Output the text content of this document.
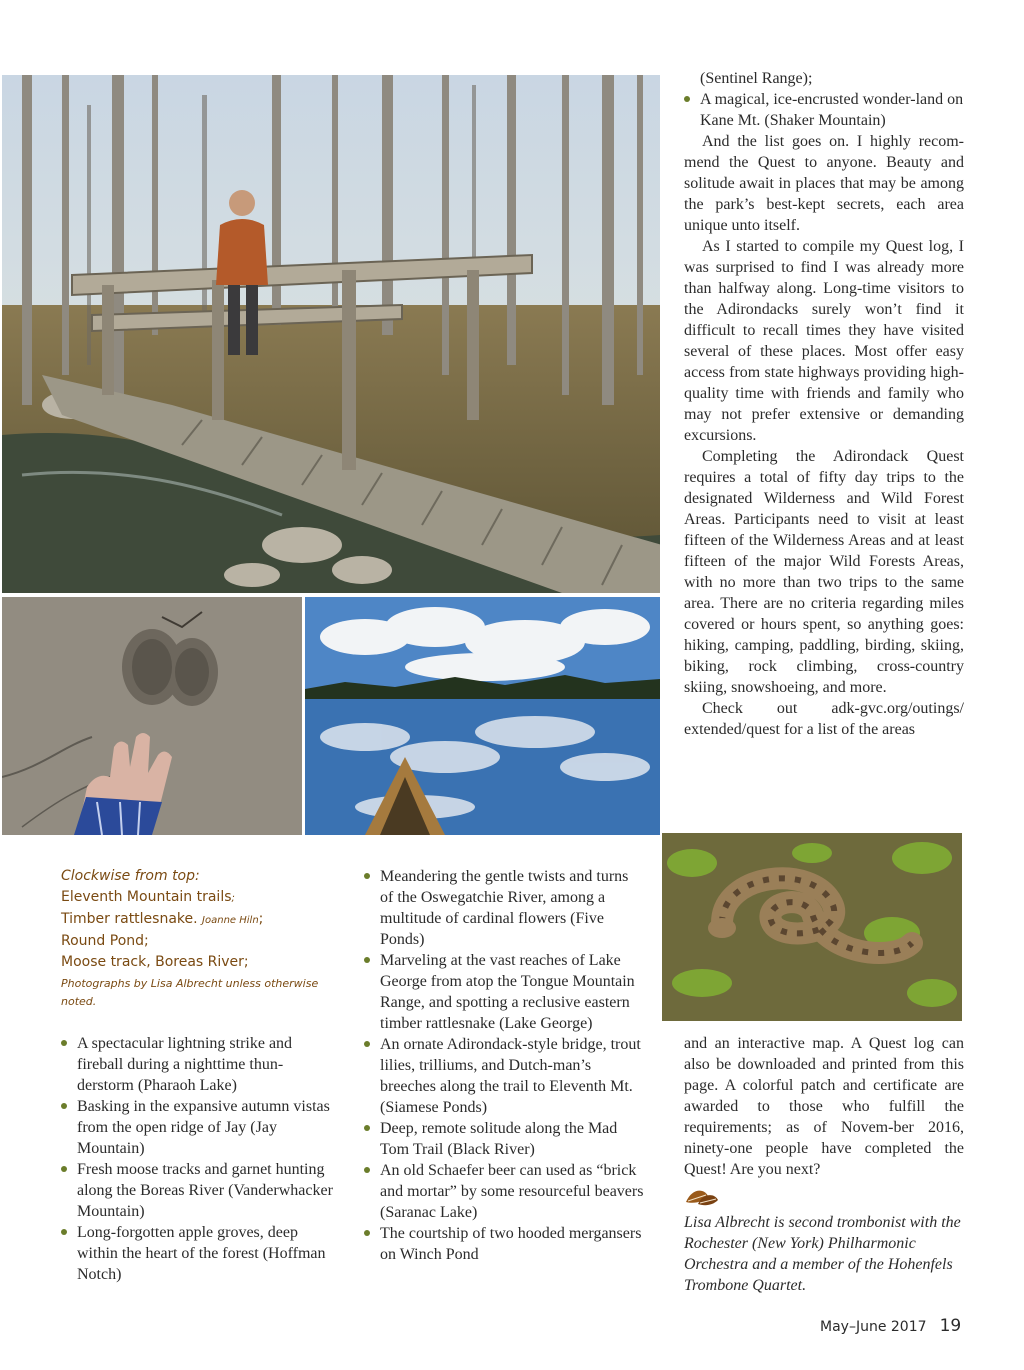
(Sentinel Range);
A magical, ice-encrusted wonder-land on Kane Mt. (Shaker Mountain)

And the list goes on. I highly recom-mend the Quest to anyone. Beauty and solitude await in places that may be among the park’s best-kept secrets, each area unique unto itself.

As I started to compile my Quest log, I was surprised to find I was already more than halfway along. Long-time visitors to the Adirondacks surely won’t find it difficult to recall times they have visited several of these places. Most offer easy access from state highways providing high-quality time with friends and family who may not prefer extensive or demanding excursions.

Completing the Adirondack Quest requires a total of fifty day trips to the designated Wilderness and Wild Forest Areas. Participants need to visit at least fifteen of the Wilderness Areas and at least fifteen of the major Wild Forests Areas, with no more than two trips to the same area. There are no criteria regarding miles covered or hours spent, so anything goes: hiking, camping, paddling, birding, skiing, biking, rock climbing, cross-country skiing, snowshoeing, and more.

Check out adk-gvc.org/outings/ extended/quest for a list of the areas

Clockwise from top:
Eleventh Mountain trails;
Timber rattlesnake. Joanne Hiln;
Round Pond;
Moose track, Boreas River;
Photographs by Lisa Albrecht unless otherwise noted.
A spectacular lightning strike and fireball during a nighttime thun-derstorm (Pharaoh Lake)
Basking in the expansive autumn vistas from the open ridge of Jay (Jay Mountain)
Fresh moose tracks and garnet hunting along the Boreas River (Vanderwhacker Mountain)
Long-forgotten apple groves, deep within the heart of the forest (Hoffman Notch)
Meandering the gentle twists and turns of the Oswegatchie River, among a multitude of cardinal flowers (Five Ponds)
Marveling at the vast reaches of Lake George from atop the Tongue Mountain Range, and spotting a reclusive eastern timber rattlesnake (Lake George)
An ornate Adirondack-style bridge, trout lilies, trilliums, and Dutch-man’s breeches along the trail to Eleventh Mt. (Siamese Ponds)
Deep, remote solitude along the Mad Tom Trail (Black River)
An old Schaefer beer can used as “brick and mortar” by some resourceful beavers (Saranac Lake)
The courtship of two hooded mergansers on Winch Pond

and an interactive map. A Quest log can also be downloaded and printed from this page. A colorful patch and certificate are awarded to those who fulfill the requirements; as of Novem-ber 2016, ninety-one people have completed the Quest! Are you next?

Lisa Albrecht is second trombonist with the Rochester (New York) Philharmonic Orchestra and a member of the Hohenfels Trombone Quartet.
May–June 2017 19
